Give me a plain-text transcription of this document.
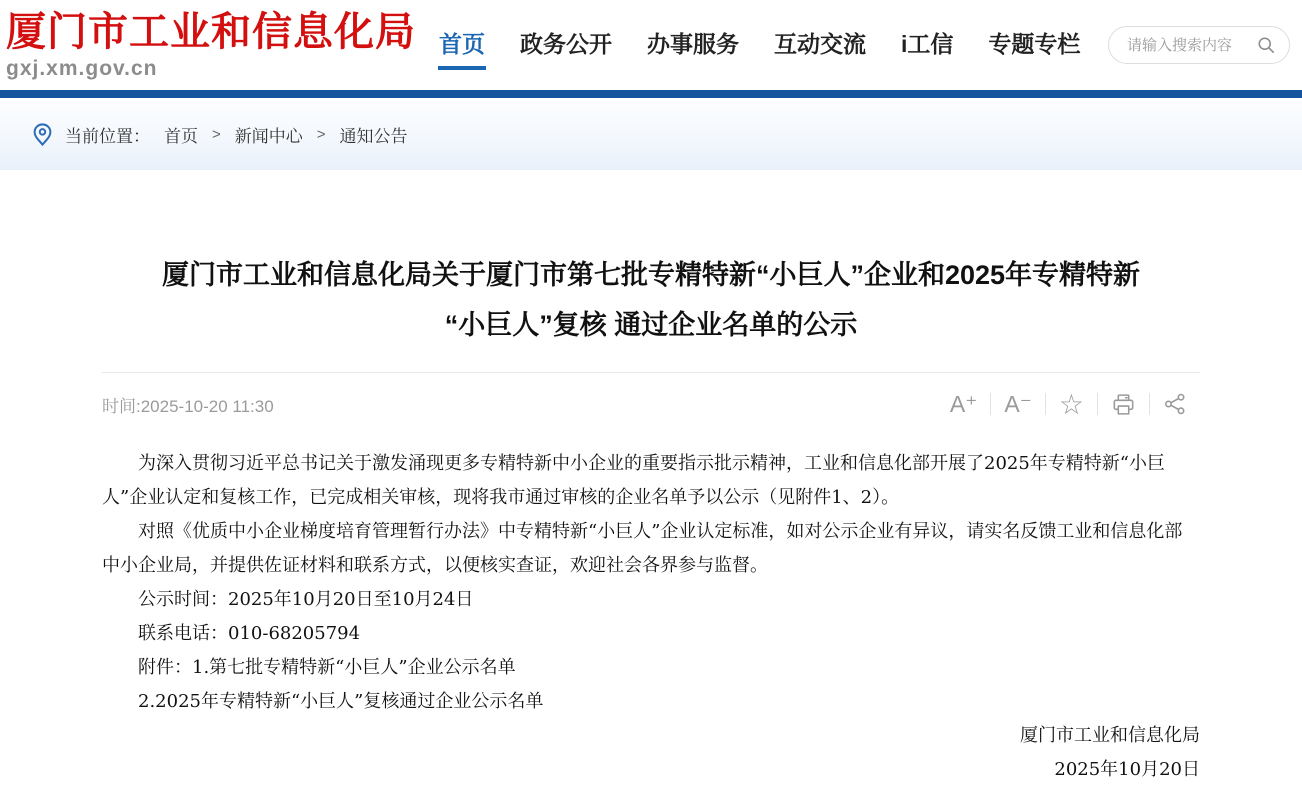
厦门市工业和信息化局
gxj.xm.gov.cn
首页 政务公开 办事服务 互动交流 i工信 专题专栏
请输入搜索内容
当前位置： 首页 > 新闻中心 > 通知公告
厦门市工业和信息化局关于厦门市第七批专精特新“小巨人”企业和2025年专精特新
“小巨人”复核 通过企业名单的公示
时间:2025-10-20 11:30	A⁺	A⁻ ☆

为深入贯彻习近平总书记关于激发涌现更多专精特新中小企业的重要指示批示精神，工业和信息化部开展了2025年专精特新“小巨人”企业认定和复核工作，已完成相关审核，现将我市通过审核的企业名单予以公示（见附件1、2）。

对照《优质中小企业梯度培育管理暂行办法》中专精特新“小巨人”企业认定标准，如对公示企业有异议，请实名反馈工业和信息化部中小企业局，并提供佐证材料和联系方式，以便核实查证，欢迎社会各界参与监督。

公示时间：2025年10月20日至10月24日

联系电话：010-68205794

附件：1.第七批专精特新“小巨人”企业公示名单

2.2025年专精特新“小巨人”复核通过企业公示名单

厦门市工业和信息化局

2025年10月20日
